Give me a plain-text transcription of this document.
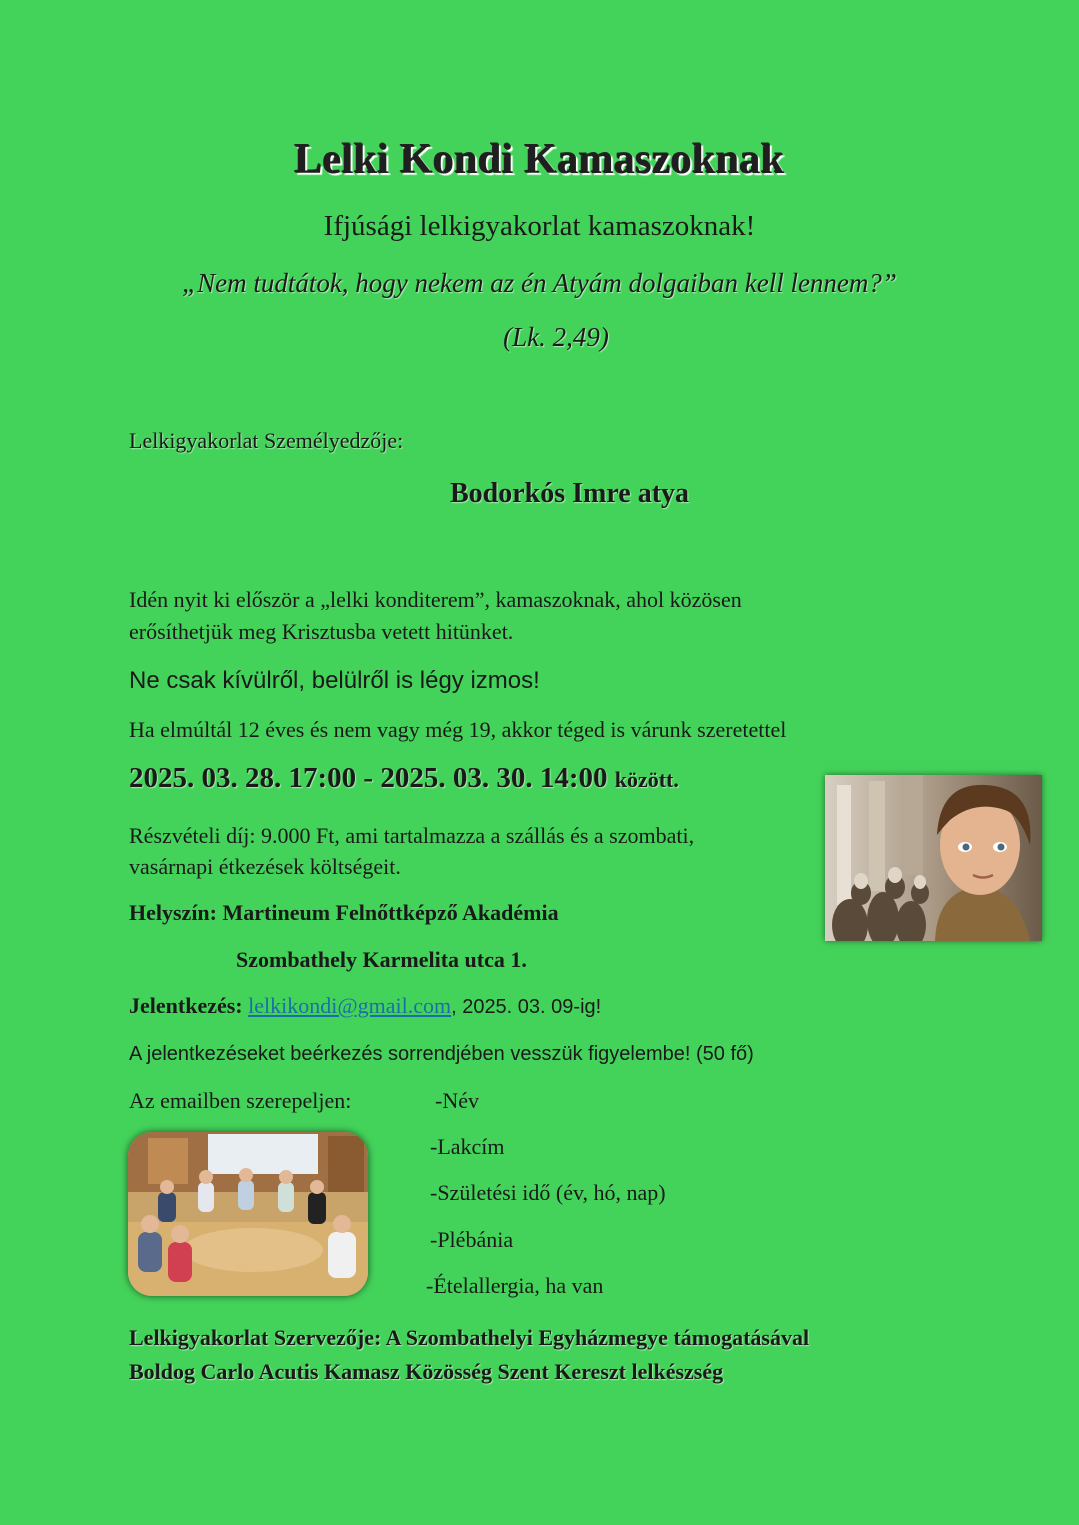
Lelki Kondi Kamaszoknak
Ifjúsági lelkigyakorlat kamaszoknak!
„Nem tudtátok, hogy nekem az én Atyám dolgaiban kell lennem?”
(Lk. 2,49)
Lelkigyakorlat Személyedzője:
Bodorkós Imre atya
Idén nyit ki először a „lelki konditerem”, kamaszoknak, ahol közösen
erősíthetjük meg Krisztusba vetett hitünket.
Ne csak kívülről, belülről is légy izmos!
Ha elmúltál 12 éves és nem vagy még 19, akkor téged is várunk szeretettel
2025. 03. 28. 17:00 - 2025. 03. 30. 14:00 között.
Részvételi díj: 9.000 Ft, ami tartalmazza a szállás és a szombati,
vasárnapi étkezések költségeit.
Helyszín: Martineum Felnőttképző Akadémia
Szombathely Karmelita utca 1.
Jelentkezés: lelkikondi@gmail.com, 2025. 03. 09-ig!
A jelentkezéseket beérkezés sorrendjében vesszük figyelembe! (50 fő)
Az emailben szerepeljen:	-Név
-Lakcím
-Születési idő (év, hó, nap)
-Plébánia
-Ételallergia, ha van
Lelkigyakorlat Szervezője: A Szombathelyi Egyházmegye támogatásával
Boldog Carlo Acutis Kamasz Közösség Szent Kereszt lelkészség
